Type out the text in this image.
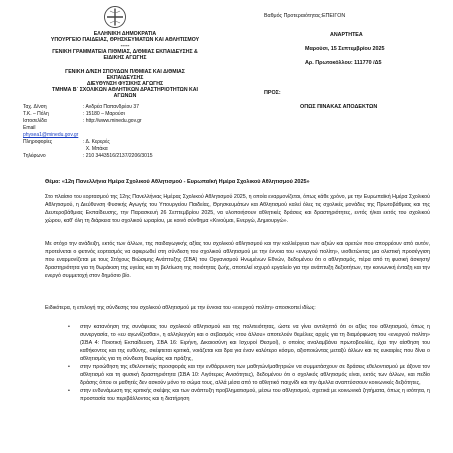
ΕΛΛΗΝΙΚΗ ΔΗΜΟΚΡΑΤΙΑ
ΥΠΟΥΡΓΕΙΟ ΠΑΙΔΕΙΑΣ, ΘΡΗΣΚΕΥΜΑΤΩΝ ΚΑΙ ΑΘΛΗΤΙΣΜΟΥ
-----
ΓΕΝΙΚΗ ΓΡΑΜΜΑΤΕΙΑ Π/ΘΜΙΑΣ, Δ/ΘΜΙΑΣ ΕΚΠΑΙΔΕΥΣΗΣ &
ΕΙΔΙΚΗΣ ΑΓΩΓΗΣ
ΓΕΝΙΚΗ Δ/ΝΣΗ ΣΠΟΥΔΩΝ Π/ΘΜΙΑΣ ΚΑΙ Δ/ΘΜΙΑΣ
ΕΚΠΑΙΔΕΥΣΗΣ
ΔΙΕΥΘΥΝΣΗ ΦΥΣΙΚΗΣ ΑΓΩΓΗΣ
ΤΜΗΜΑ Β΄ ΣΧΟΛΙΚΩΝ ΑΘΛΗΤΙΚΩΝ ΔΡΑΣΤΗΡΙΟΤΗΤΩΝ ΚΑΙ
ΑΓΩΝΩΝ
Βαθμός Προτεραιότητας:ΕΠΕΙΓΟΝ
ΑΝΑΡΤΗΤΕΑ
Μαρούσι, 15 Σεπτεμβρίου 2025
Αρ. Πρωτοκόλλου: 111770 /Δ5
ΠΡΟΣ:
ΟΠΩΣ ΠΙΝΑΚΑΣ ΑΠΟΔΕΚΤΩΝ
Ταχ. Δ/νση	: Ανδρέα Παπανδρέου 37
Τ.Κ. – Πόλη	: 15180 – Μαρούσι
Ιστοσελίδα	: http://www.minedu.gov.gr
Email
physea1@minedu.gov.gr
Πληροφορίες	: Δ. Κερερές
Χ. Μπάκα
Τηλέφωνο	: 210 3443516/2137/2206/3015
Θέμα: «12η Πανελλήνια Ημέρα Σχολικού Αθλητισμού - Ευρωπαϊκή Ημέρα Σχολικού Αθλητισμού 2025»
Στο πλαίσιο του εορτασμού της 12ης Πανελλήνιας Ημέρας Σχολικού Αθλητισμού 2025, η οποία εναρμονίζεται, όπως κάθε χρόνο, με την Ευρωπαϊκή Ημέρα Σχολικού Αθλητισμού, η Διεύθυνση Φυσικής Αγωγής του Υπουργείου Παιδείας, Θρησκευμάτων και Αθλητισμού καλεί όλες τις σχολικές μονάδες της Πρωτοβάθμιας και της Δευτεροβάθμιας Εκπαίδευσης, την Παρασκευή 26 Σεπτεμβρίου 2025, να υλοποιήσουν αθλητικές δράσεις και δραστηριότητες, εντός ή/και εκτός του σχολικού χώρου, καθ' όλη τη διάρκεια του σχολικού ωραρίου, με κοινό σύνθημα «Κινούμαι, Ενεργώ, Δημιουργώ».
Με στόχο την ανάδειξη, εκτός των άλλων, της παιδαγωγικής αξίας του σχολικού αθλητισμού και την καλλιέργεια των αξιών και αρετών που απορρέουν από αυτόν, προτείνεται ο φετινός εορτασμός να αφιερωθεί στη σύνδεση του σχολικού αθλητισμού με την έννοια του «ενεργού πολίτη», υιοθετώντας μια ολιστική προσέγγιση που εναρμονίζεται με τους Στόχους Βιώσιμης Ανάπτυξης (ΣΒΑ) του Οργανισμού Ηνωμένων Εθνών, δεδομένου ότι ο αθλητισμός, πέρα από τη φυσική άσκηση/δραστηριότητα για τη θωράκιση της υγείας και τη βελτίωση της ποιότητας ζωής, αποτελεί ισχυρό εργαλείο για την ανάπτυξη δεξιοτήτων, την κοινωνική ένταξη και την ενεργό συμμετοχή στον δημόσιο βίο.
Ειδικότερα, η επιλογή της σύνδεσης του σχολικού αθλητισμού με την έννοια του «ενεργού πολίτη» αποσκοπεί ιδίως:
• στην κατανόηση της συνάφειας του σχολικού αθλητισμού και της πολιτειότητας, ώστε να γίνει αντιληπτό ότι οι αξίες του αθλητισμού, όπως η συνεργασία, το «ευ αγωνίζεσθαι», η αλληλεγγύη και ο σεβασμός «του άλλου» αποτελούν θεμέλιες αρχές για τη διαμόρφωση του «ενεργού πολίτη» (ΣΒΑ 4: Ποιοτική Εκπαίδευση, ΣΒΑ 16: Ειρήνη, Δικαιοσύνη και Ισχυροί Θεσμοί), ο οποίος αναλαμβάνει πρωτοβουλίες, έχει την αίσθηση του καθήκοντος και της ευθύνης, σκέφτεται κριτικά, νοιάζεται και δρα για έναν καλύτερο κόσμο, αξιοποιώντας μεταξύ άλλων και τις ευκαιρίες που δίνει ο αθλητισμός για τη σύνδεση θεωρίας και πράξης,
• στην προώθηση της εθελοντικής προσφοράς και την ενθάρρυνση των μαθητών/μαθητριών να συμμετάσχουν σε δράσεις εθελοντισμού με άξονα τον αθλητισμό και τη φυσική δραστηριότητα (ΣΒΑ 10: Λιγότερες Ανισότητες), δεδομένου ότι ο σχολικός αθλητισμός είναι, εκτός των άλλων, και πεδίο δράσης όπου οι μαθητές δεν ασκούν μόνο το σώμα τους, αλλά μέσα από το αθλητικό παιχνίδι και την άμιλλα αναπτύσσουν κοινωνικές δεξιότητες,
• στην ενδυνάμωση της κριτικής σκέψης και των ανάπτυξη προβληματισμού, μέσω του αθλητισμού, σχετικά με κοινωνικά ζητήματα, όπως η ισότητα, η προστασία του περιβάλλοντος και η διατήρηση
